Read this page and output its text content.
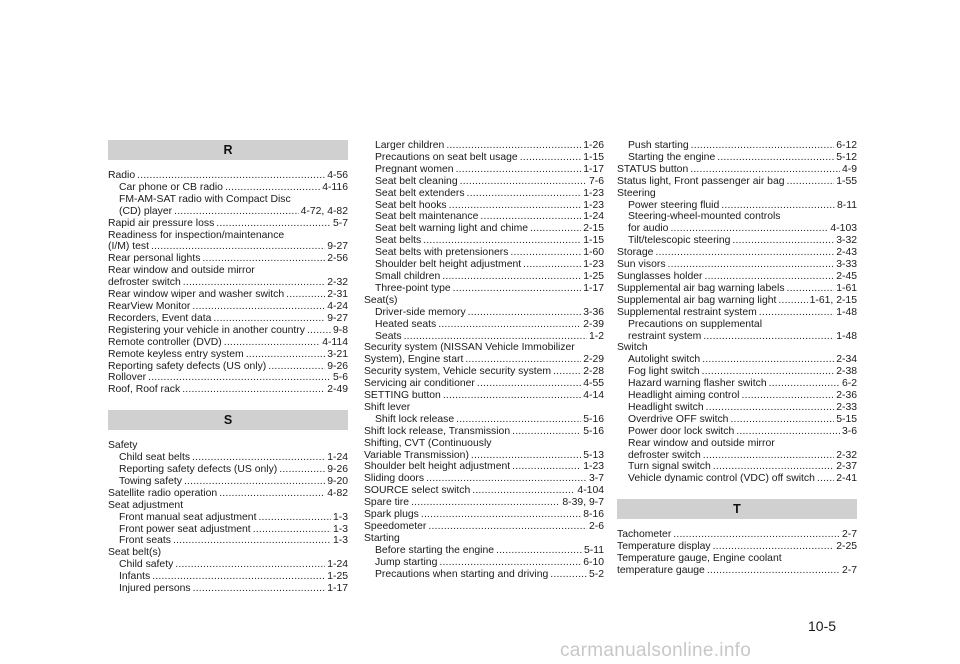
R
Radio .....	4-56
Car phone or CB radio .....	4-116
FM-AM-SAT radio with Compact Disc
(CD) player .....	4-72, 4-82
Rapid air pressure loss .....	5-7
Readiness for inspection/maintenance
(I/M) test .....	9-27
Rear personal lights .....	2-56
Rear window and outside mirror
defroster switch .....	2-32
Rear window wiper and washer switch .....	2-31
RearView Monitor .....	4-24
Recorders, Event data .....	9-27
Registering your vehicle in another country .....	9-8
Remote controller (DVD) .....	4-114
Remote keyless entry system .....	3-21
Reporting safety defects (US only) .....	9-26
Rollover .....	5-6
Roof, Roof rack .....	2-49
S
Safety
Child seat belts .....	1-24
Reporting safety defects (US only) .....	9-26
Towing safety .....	9-20
Satellite radio operation .....	4-82
Seat adjustment
Front manual seat adjustment .....	1-3
Front power seat adjustment .....	1-3
Front seats .....	1-3
Seat belt(s)
Child safety .....	1-24
Infants .....	1-25
Injured persons .....	1-17
Larger children .....	1-26
Precautions on seat belt usage .....	1-15
Pregnant women .....	1-17
Seat belt cleaning .....	7-6
Seat belt extenders .....	1-23
Seat belt hooks .....	1-23
Seat belt maintenance .....	1-24
Seat belt warning light and chime .....	2-15
Seat belts .....	1-15
Seat belts with pretensioners .....	1-60
Shoulder belt height adjustment .....	1-23
Small children .....	1-25
Three-point type .....	1-17
Seat(s)
Driver-side memory .....	3-36
Heated seats .....	2-39
Seats .....	1-2
Security system (NISSAN Vehicle Immobilizer
System), Engine start .....	2-29
Security system, Vehicle security system .....	2-28
Servicing air conditioner .....	4-55
SETTING button .....	4-14
Shift lever
Shift lock release .....	5-16
Shift lock release, Transmission .....	5-16
Shifting, CVT (Continuously
Variable Transmission) .....	5-13
Shoulder belt height adjustment .....	1-23
Sliding doors .....	3-7
SOURCE select switch .....	4-104
Spare tire .....	8-39, 9-7
Spark plugs .....	8-16
Speedometer .....	2-6
Starting
Before starting the engine .....	5-11
Jump starting .....	6-10
Precautions when starting and driving .....	5-2
Push starting .....	6-12
Starting the engine .....	5-12
STATUS button .....	4-9
Status light, Front passenger air bag .....	1-55
Steering
Power steering fluid .....	8-11
Steering-wheel-mounted controls
for audio .....	4-103
Tilt/telescopic steering .....	3-32
Storage .....	2-43
Sun visors .....	3-33
Sunglasses holder .....	2-45
Supplemental air bag warning labels .....	1-61
Supplemental air bag warning light .....	1-61, 2-15
Supplemental restraint system .....	1-48
Precautions on supplemental
restraint system .....	1-48
Switch
Autolight switch .....	2-34
Fog light switch .....	2-38
Hazard warning flasher switch .....	6-2
Headlight aiming control .....	2-36
Headlight switch .....	2-33
Overdrive OFF switch .....	5-15
Power door lock switch .....	3-6
Rear window and outside mirror
defroster switch .....	2-32
Turn signal switch .....	2-37
Vehicle dynamic control (VDC) off switch ..... 2-41
T
Tachometer .....	2-7
Temperature display .....	2-25
Temperature gauge, Engine coolant
temperature gauge .....	2-7
10-5
carmanualsonline.info
